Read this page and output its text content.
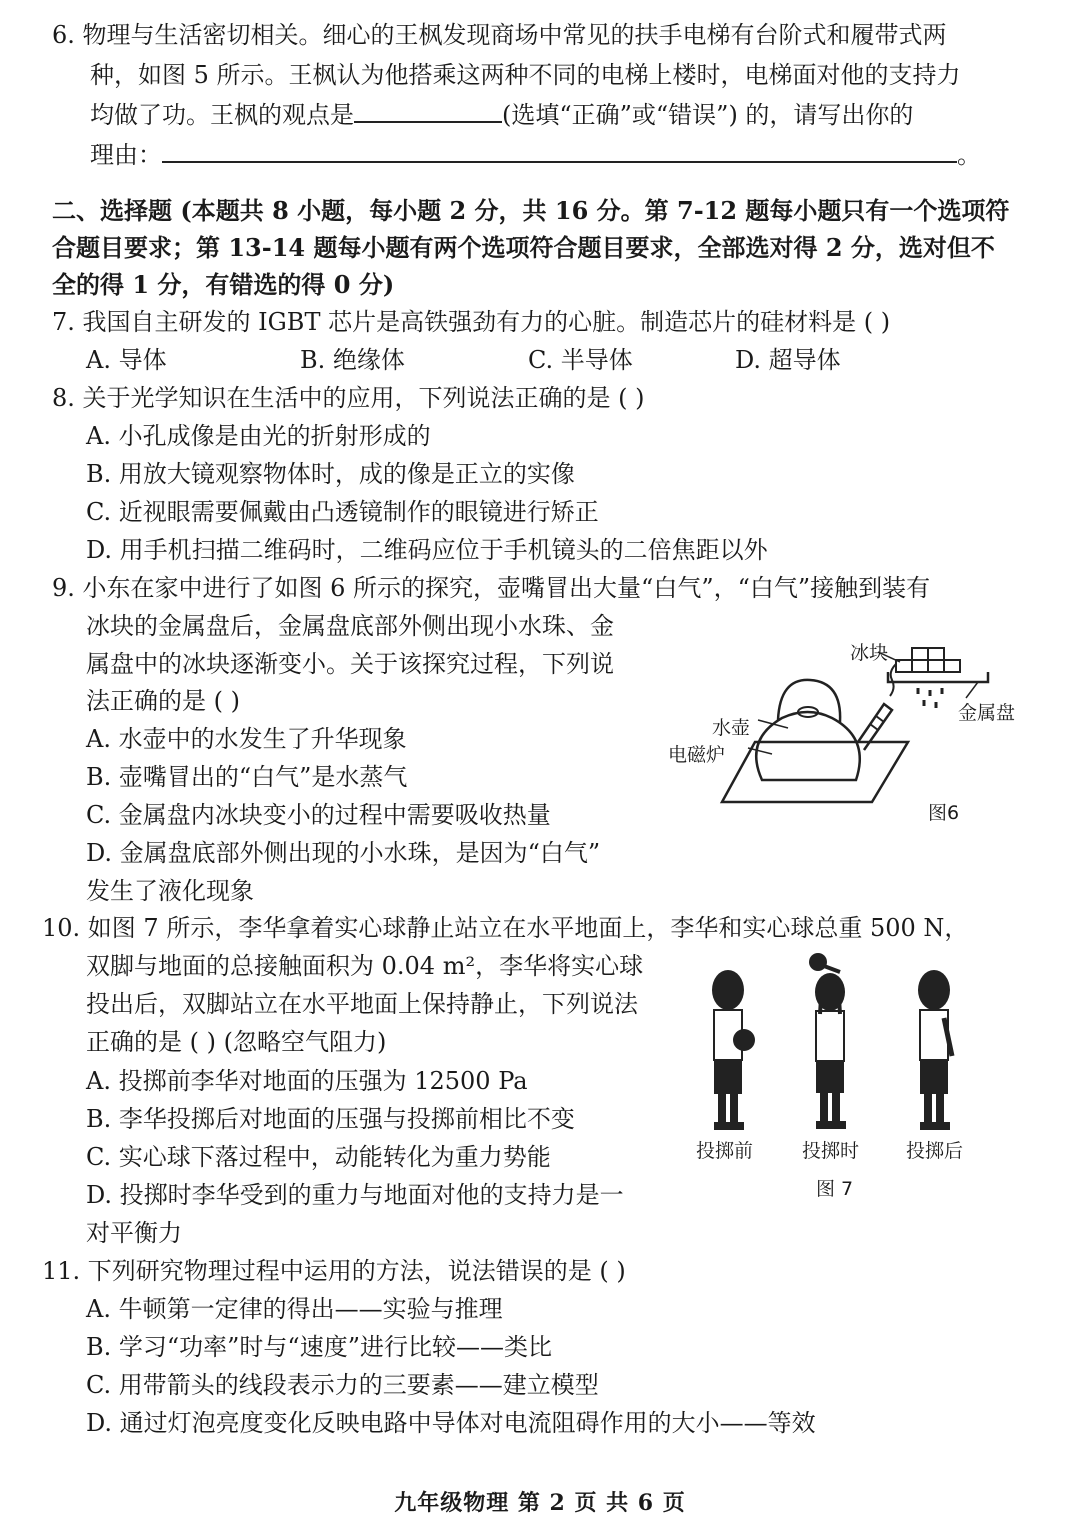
6. 物理与生活密切相关。细心的王枫发现商场中常见的扶手电梯有台阶式和履带式两
种，如图 5 所示。王枫认为他搭乘这两种不同的电梯上楼时，电梯面对他的支持力
均做了功。王枫的观点是	(选填“正确”或“错误”) 的，请写出你的
理由：	。
二、选择题 (本题共 8 小题，每小题 2 分，共 16 分。第 7-12 题每小题只有一个选项符
合题目要求；第 13-14 题每小题有两个选项符合题目要求，全部选对得 2 分，选对但不
全的得 1 分，有错选的得 0 分)
7. 我国自主研发的 IGBT 芯片是高铁强劲有力的心脏。制造芯片的硅材料是 ( )
A. 导体	B. 绝缘体	C. 半导体	D. 超导体
8. 关于光学知识在生活中的应用，下列说法正确的是 ( )
A. 小孔成像是由光的折射形成的
B. 用放大镜观察物体时，成的像是正立的实像
C. 近视眼需要佩戴由凸透镜制作的眼镜进行矫正
D. 用手机扫描二维码时，二维码应位于手机镜头的二倍焦距以外
9. 小东在家中进行了如图 6 所示的探究，壶嘴冒出大量“白气”，“白气”接触到装有
冰块的金属盘后，金属盘底部外侧出现小水珠、金
属盘中的冰块逐渐变小。关于该探究过程，下列说
法正确的是 ( )
A. 水壶中的水发生了升华现象
B. 壶嘴冒出的“白气”是水蒸气
C. 金属盘内冰块变小的过程中需要吸收热量
D. 金属盘底部外侧出现的小水珠，是因为“白气”
发生了液化现象
冰块
金属盘
水壶
电磁炉
图6
10. 如图 7 所示，李华拿着实心球静止站立在水平地面上，李华和实心球总重 500 N，
双脚与地面的总接触面积为 0.04 m²，李华将实心球
投出后，双脚站立在水平地面上保持静止，下列说法
正确的是 ( ) (忽略空气阻力)
A. 投掷前李华对地面的压强为 12500 Pa
B. 李华投掷后对地面的压强与投掷前相比不变
C. 实心球下落过程中，动能转化为重力势能
D. 投掷时李华受到的重力与地面对他的支持力是一
对平衡力
投掷前	投掷时 投掷后
图 7
11. 下列研究物理过程中运用的方法，说法错误的是 ( )
A. 牛顿第一定律的得出——实验与推理
B. 学习“功率”时与“速度”进行比较——类比
C. 用带箭头的线段表示力的三要素——建立模型
D. 通过灯泡亮度变化反映电路中导体对电流阻碍作用的大小——等效
九年级物理 第 2 页 共 6 页
